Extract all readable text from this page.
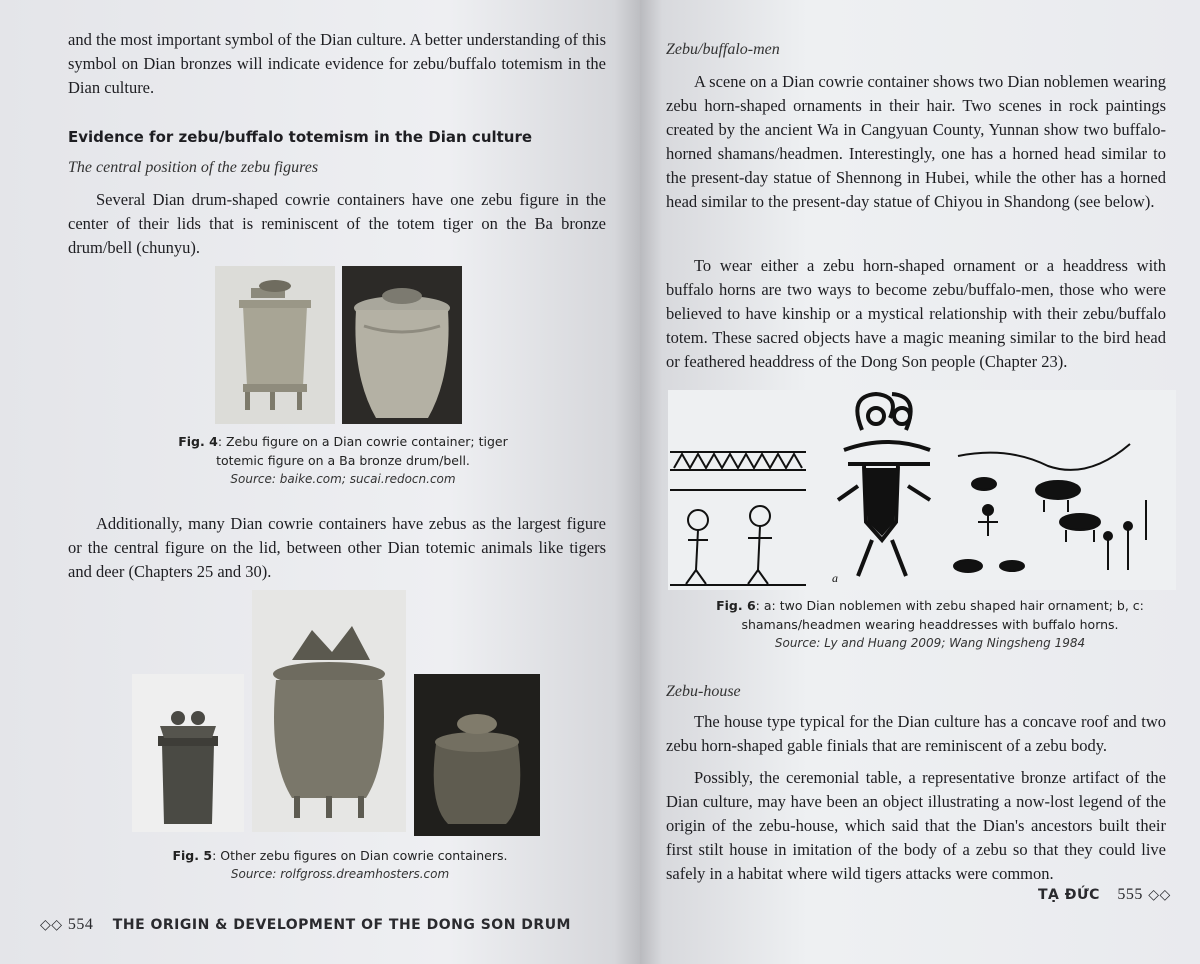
and the most important symbol of the Dian culture. A better understanding of this symbol on Dian bronzes will indicate evidence for zebu/buffalo totemism in the Dian culture.

Evidence for zebu/buffalo totemism in the Dian culture

The central position of the zebu figures

Several Dian drum-shaped cowrie containers have one zebu figure in the center of their lids that is reminiscent of the totem tiger on the Ba bronze drum/bell (chunyu).

Fig. 4: Zebu figure on a Dian cowrie container; tiger totemic figure on a Ba bronze drum/bell.
Source: baike.com; sucai.redocn.com

Additionally, many Dian cowrie containers have zebus as the largest figure or the central figure on the lid, between other Dian totemic animals like tigers and deer (Chapters 25 and 30).

Fig. 5: Other zebu figures on Dian cowrie containers.
Source: rolfgross.dreamhosters.com
◇◇ 554 THE ORIGIN & DEVELOPMENT OF THE DONG SON DRUM

Zebu/buffalo-men

A scene on a Dian cowrie container shows two Dian noblemen wearing zebu horn-shaped ornaments in their hair. Two scenes in rock paintings created by the ancient Wa in Cangyuan County, Yunnan show two buffalo-horned shamans/headmen. Interestingly, one has a horned head similar to the present-day statue of Shennong in Hubei, while the other has a horned head similar to the present-day statue of Chiyou in Shandong (see below).

To wear either a zebu horn-shaped ornament or a headdress with buffalo horns are two ways to become zebu/buffalo-men, those who were believed to have kinship or a mystical relationship with their zebu/buffalo totem. These sacred objects have a magic meaning similar to the bird head or feathered headdress of the Dong Son people (Chapter 23).

a
Fig. 6: a: two Dian noblemen with zebu shaped hair ornament; b, c: shamans/headmen wearing headdresses with buffalo horns.
Source: Ly and Huang 2009; Wang Ningsheng 1984

Zebu-house

The house type typical for the Dian culture has a concave roof and two zebu horn-shaped gable finials that are reminiscent of a zebu body.

Possibly, the ceremonial table, a representative bronze artifact of the Dian culture, may have been an object illustrating a now-lost legend of the origin of the zebu-house, which said that the Dian's ancestors built their first stilt house in imitation of the body of a zebu so that they could live safely in a habitat where wild tigers attacks were common.

TẠ ĐỨC 555 ◇◇
